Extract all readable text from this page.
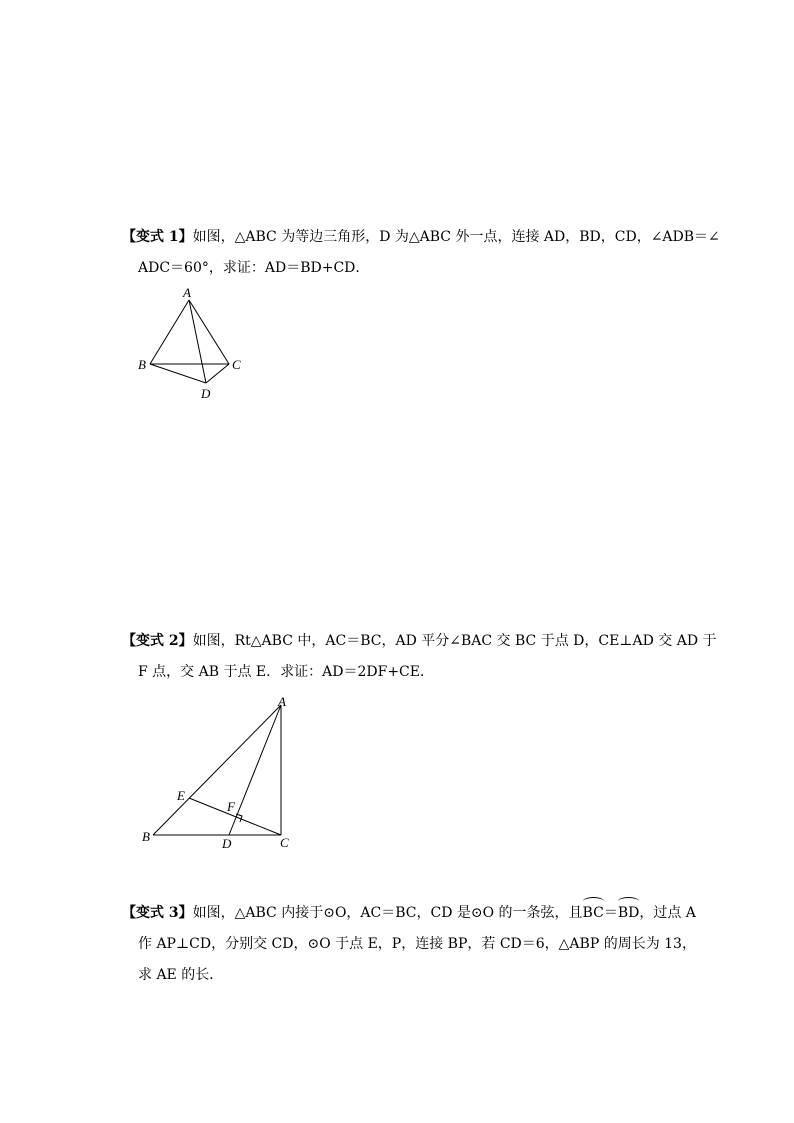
【变式 1】如图，△ABC 为等边三角形，D 为△ABC 外一点，连接 AD，BD，CD，∠ADB＝∠
ADC＝60°，求证：AD＝BD+CD．
A
B	C
D
【变式 2】如图，Rt△ABC 中，AC＝BC，AD 平分∠BAC 交 BC 于点 D，CE⊥AD 交 AD 于
F 点，交 AB 于点 E．求证：AD＝2DF+CE．
A
B	C
D
E
F
【变式 3】如图，△ABC 内接于⊙O，AC＝BC，CD 是⊙O 的一条弦，且BC＝BD，过点 A
作 AP⊥CD，分别交 CD，⊙O 于点 E，P，连接 BP，若 CD＝6，△ABP 的周长为 13，
求 AE 的长．
